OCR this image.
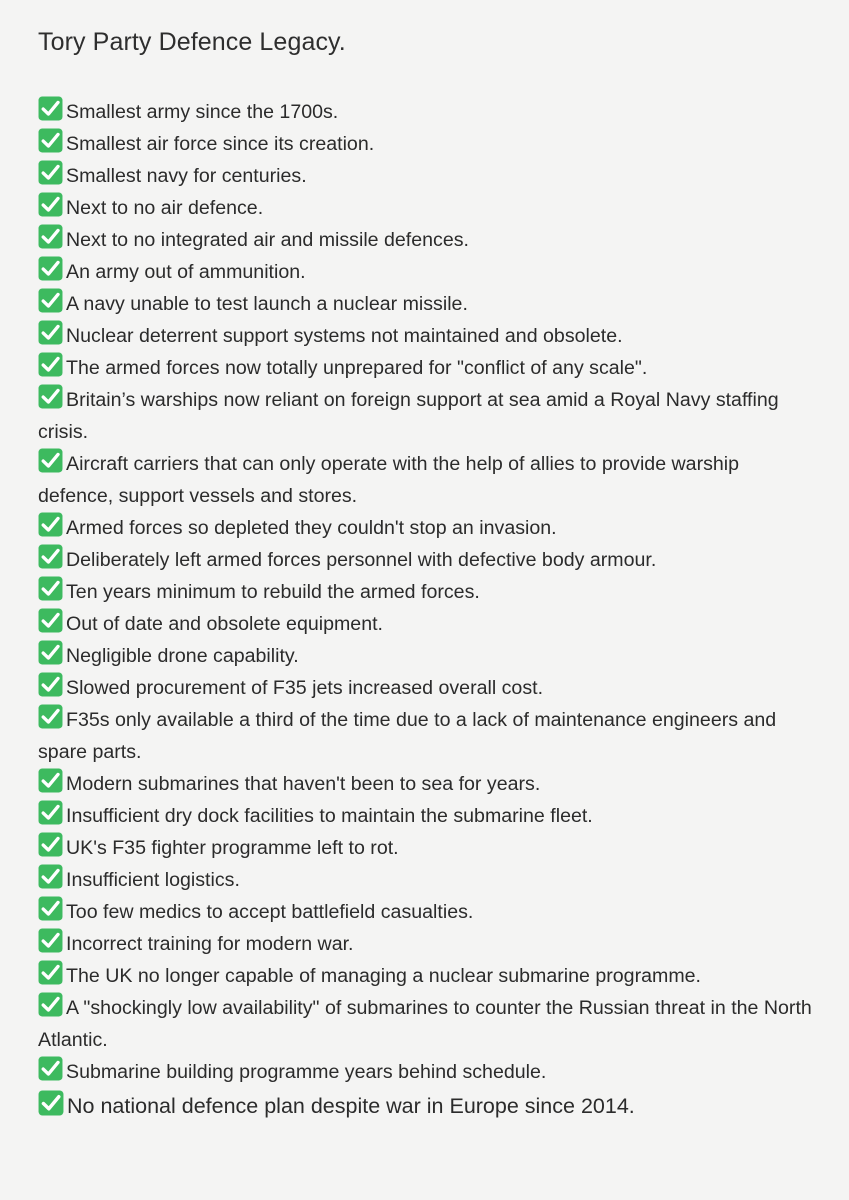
Tory Party Defence Legacy.
Smallest army since the 1700s.
Smallest air force since its creation.
Smallest navy for centuries.
Next to no air defence.
Next to no integrated air and missile defences.
An army out of ammunition.
A navy unable to test launch a nuclear missile.
Nuclear deterrent support systems not maintained and obsolete.
The armed forces now totally unprepared for "conflict of any scale".
Britain’s warships now reliant on foreign support at sea amid a Royal Navy staffing crisis.
Aircraft carriers that can only operate with the help of allies to provide warship defence, support vessels and stores.
Armed forces so depleted they couldn't stop an invasion.
Deliberately left armed forces personnel with defective body armour.
Ten years minimum to rebuild the armed forces.
Out of date and obsolete equipment.
Negligible drone capability.
Slowed procurement of F35 jets increased overall cost.
F35s only available a third of the time due to a lack of maintenance engineers and spare parts.
Modern submarines that haven't been to sea for years.
Insufficient dry dock facilities to maintain the submarine fleet.
UK's F35 fighter programme left to rot.
Insufficient logistics.
Too few medics to accept battlefield casualties.
Incorrect training for modern war.
The UK no longer capable of managing a nuclear submarine programme.
A "shockingly low availability" of submarines to counter the Russian threat in the North Atlantic.
Submarine building programme years behind schedule.
No national defence plan despite war in Europe since 2014.
